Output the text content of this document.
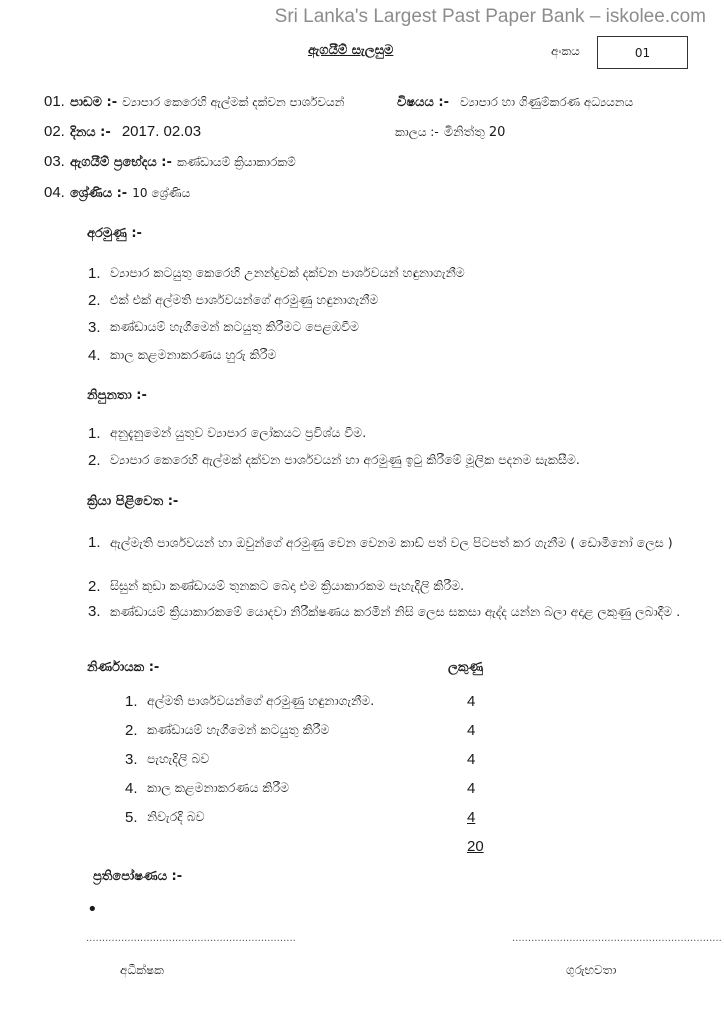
Sri Lanka's Largest Past Paper Bank – iskolee.com
ඇගයීම් සැලසුම	අංකය	01
01. පාඩම :- ව්‍යාපාර කෙරෙහි ඇල්මක් දක්වන පාර්ශවයන්	විෂයය :- ව්‍යාපාර හා ගිණුම්කරණ අධ්‍යයනය
02. දිනය :- 2017. 02.03	කාලය :- මිනිත්තු 20
03. ඇගයීම් ප්‍රභේදය :- කණ්ඩායම් ක්‍රියාකාරකම්
04. ශ්‍රේණිය :- 10 ශ්‍රේණිය
අරමුණු :-
1. ව්‍යාපාර කටයුතු කෙරෙහි උනන්දුවක් දක්වන පාර්ශවයන් හඳුනාගැනීම
2. එක් එක් අල්මති පාර්ශවයන්ගේ අරමුණු හඳුනාගැනීම
3. කණ්ඩායම් හැගීමෙන් කටයුතු කිරීමට පෙළඹවීම
4. කාල කළමනාකරණය හුරු කිරීම
නිපුනතා :-
1. අනුදැනුමෙන් යුතුව ව්‍යාපාර ලෝකයට ප්‍රවිශ්ය වීම.
2. ව්‍යාපාර කෙරෙහි ඇල්මක් දක්වන පාර්ශවයන් හා අරමුණු ඉටු කිරීමේ මූලික පදනම සැකසීම.
ක්‍රියා පිළිවෙත :-
1. ඇල්මැති පාර්ශවයන් හා ඔවුන්ගේ අරමුණු වෙන වෙනම කාඩ් පත් වල පිටපත් කර ගැනීම ( ඩොමිනෝ ලෙස )
2. සිසුන් කුඩා කණ්ඩායම් තුනකට බෙදා එම ක්‍රියාකාරකම පැහැදිලි කිරීම.
3. කණ්ඩායම් ක්‍රියාකාරකමේ යොදවා නිරීක්ෂණය කරමින් නිසි ලෙස සකසා ඇද්ද යන්න බලා අදාළ ලකුණු ලබාදීම .
නිර්ණායක :-	ලකුණු
1. අල්මති පාර්ශවයන්ගේ අරමුණු හඳුනාගැනීම.	4
2. කණ්ඩායම් හැගීමෙන් කටයුතු කිරීම	4
3. පැහැදිලි බව	4
4. කාල කළමනාකරණය කිරීම	4
5. නිවැරදි බව	4
20
ප්‍රතිපෝෂණය :-
•
..................................................................	..................................................................
අධීක්ෂක	ගුරුභවතා
